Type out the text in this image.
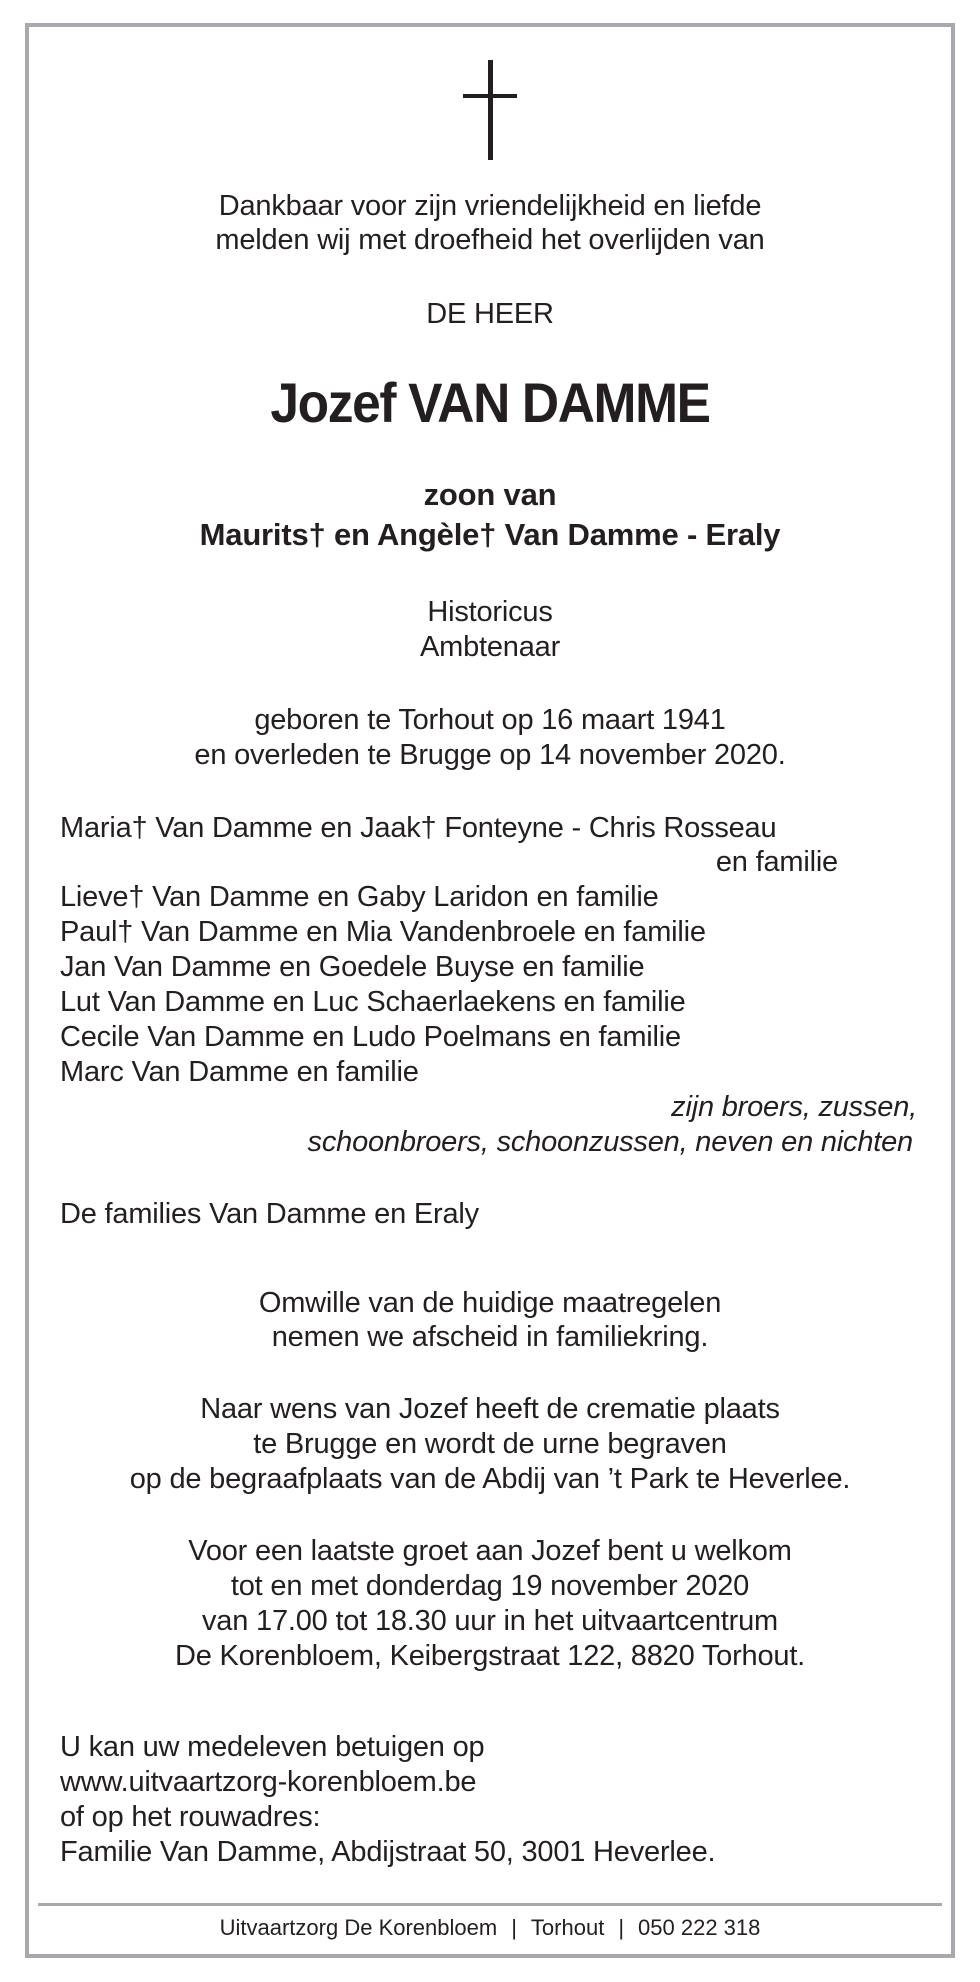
Dankbaar voor zijn vriendelijkheid en liefde
melden wij met droefheid het overlijden van
DE HEER
Jozef VAN DAMME
zoon van
Maurits† en Angèle† Van Damme - Eraly
Historicus
Ambtenaar
geboren te Torhout op 16 maart 1941
en overleden te Brugge op 14 november 2020.
Maria† Van Damme en Jaak† Fonteyne - Chris Rosseau
en familie
Lieve† Van Damme en Gaby Laridon en familie
Paul† Van Damme en Mia Vandenbroele en familie
Jan Van Damme en Goedele Buyse en familie
Lut Van Damme en Luc Schaerlaekens en familie
Cecile Van Damme en Ludo Poelmans en familie
Marc Van Damme en familie
zijn broers, zussen,
schoonbroers, schoonzussen, neven en nichten
De families Van Damme en Eraly
Omwille van de huidige maatregelen
nemen we afscheid in familiekring.
Naar wens van Jozef heeft de crematie plaats
te Brugge en wordt de urne begraven
op de begraafplaats van de Abdij van ’t Park te Heverlee.
Voor een laatste groet aan Jozef bent u welkom
tot en met donderdag 19 november 2020
van 17.00 tot 18.30 uur in het uitvaartcentrum
De Korenbloem, Keibergstraat 122, 8820 Torhout.
U kan uw medeleven betuigen op
www.uitvaartzorg-korenbloem.be
of op het rouwadres:
Familie Van Damme, Abdijstraat 50, 3001 Heverlee.
Uitvaartzorg De Korenbloem | Torhout | 050 222 318
